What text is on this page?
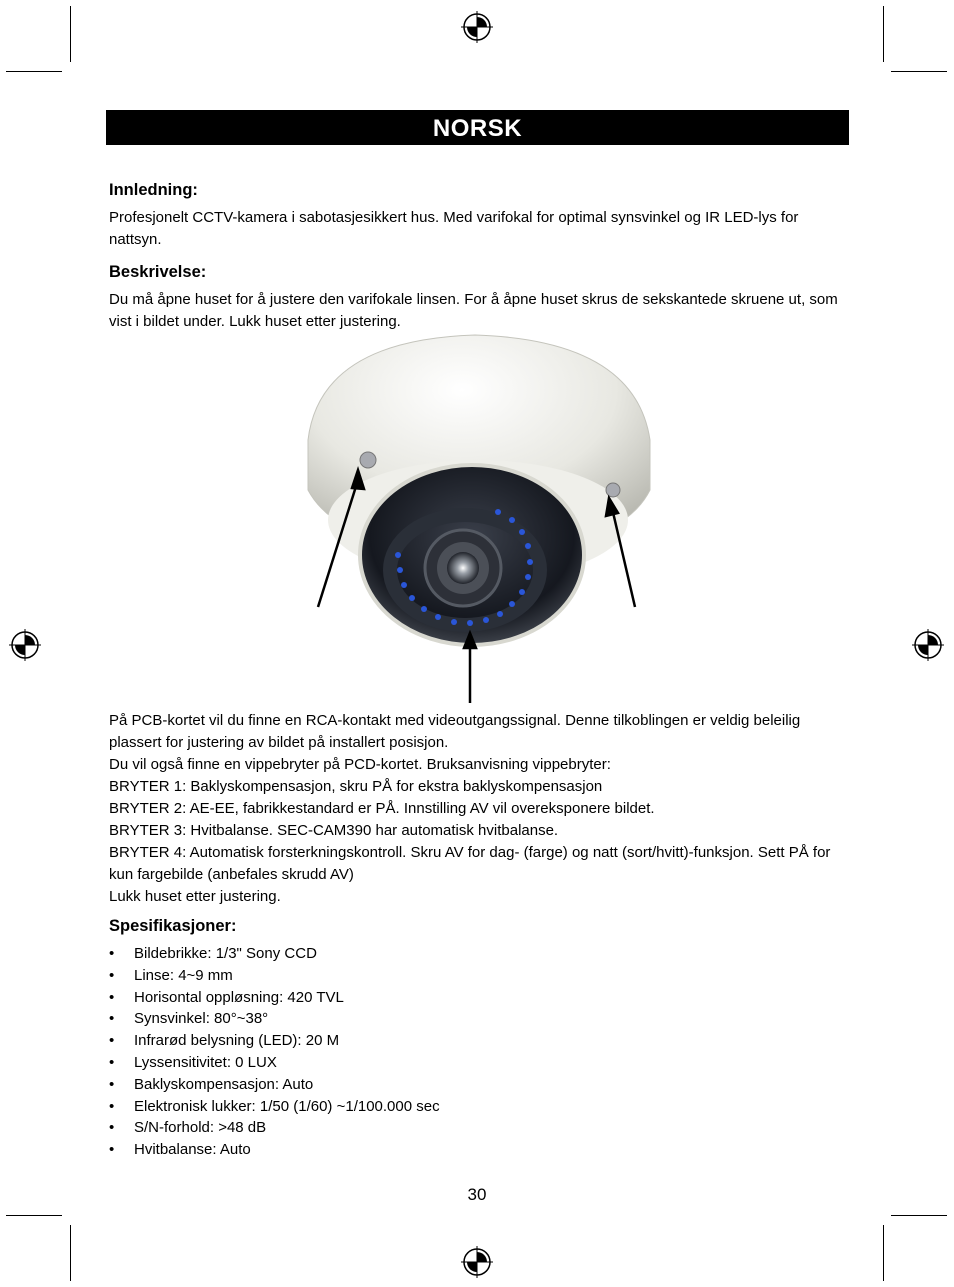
NORSK
Innledning:

Profesjonelt CCTV-kamera i sabotasjesikkert hus. Med varifokal for optimal synsvinkel og IR LED-lys for nattsyn.

Beskrivelse:

Du må åpne huset for å justere den varifokale linsen. For å åpne huset skrus de sekskantede skruene ut, som vist i bildet under. Lukk huset etter justering.

På PCB-kortet vil du finne en RCA-kontakt med videoutgangssignal. Denne tilkoblingen er veldig beleilig plassert for justering av bildet på installert posisjon.
Du vil også finne en vippebryter på PCD-kortet. Bruksanvisning vippebryter:
BRYTER 1: Baklyskompensasjon, skru PÅ for ekstra baklyskompensasjon
BRYTER 2: AE-EE, fabrikkestandard er PÅ. Innstilling AV vil overeksponere bildet.
BRYTER 3: Hvitbalanse. SEC-CAM390 har automatisk hvitbalanse.
BRYTER 4: Automatisk forsterkningskontroll. Skru AV for dag- (farge) og natt (sort/hvitt)-funksjon. Sett PÅ for kun fargebilde (anbefales skrudd AV)
Lukk huset etter justering.
Spesifikasjoner:
• Bildebrikke: 1/3" Sony CCD
• Linse: 4~9 mm
• Horisontal oppløsning: 420 TVL
• Synsvinkel: 80°~38°
• Infrarød belysning (LED): 20 M
• Lyssensitivitet: 0 LUX
• Baklyskompensasjon: Auto
• Elektronisk lukker: 1/50 (1/60) ~1/100.000 sec
• S/N-forhold: >48 dB
• Hvitbalanse: Auto
30
